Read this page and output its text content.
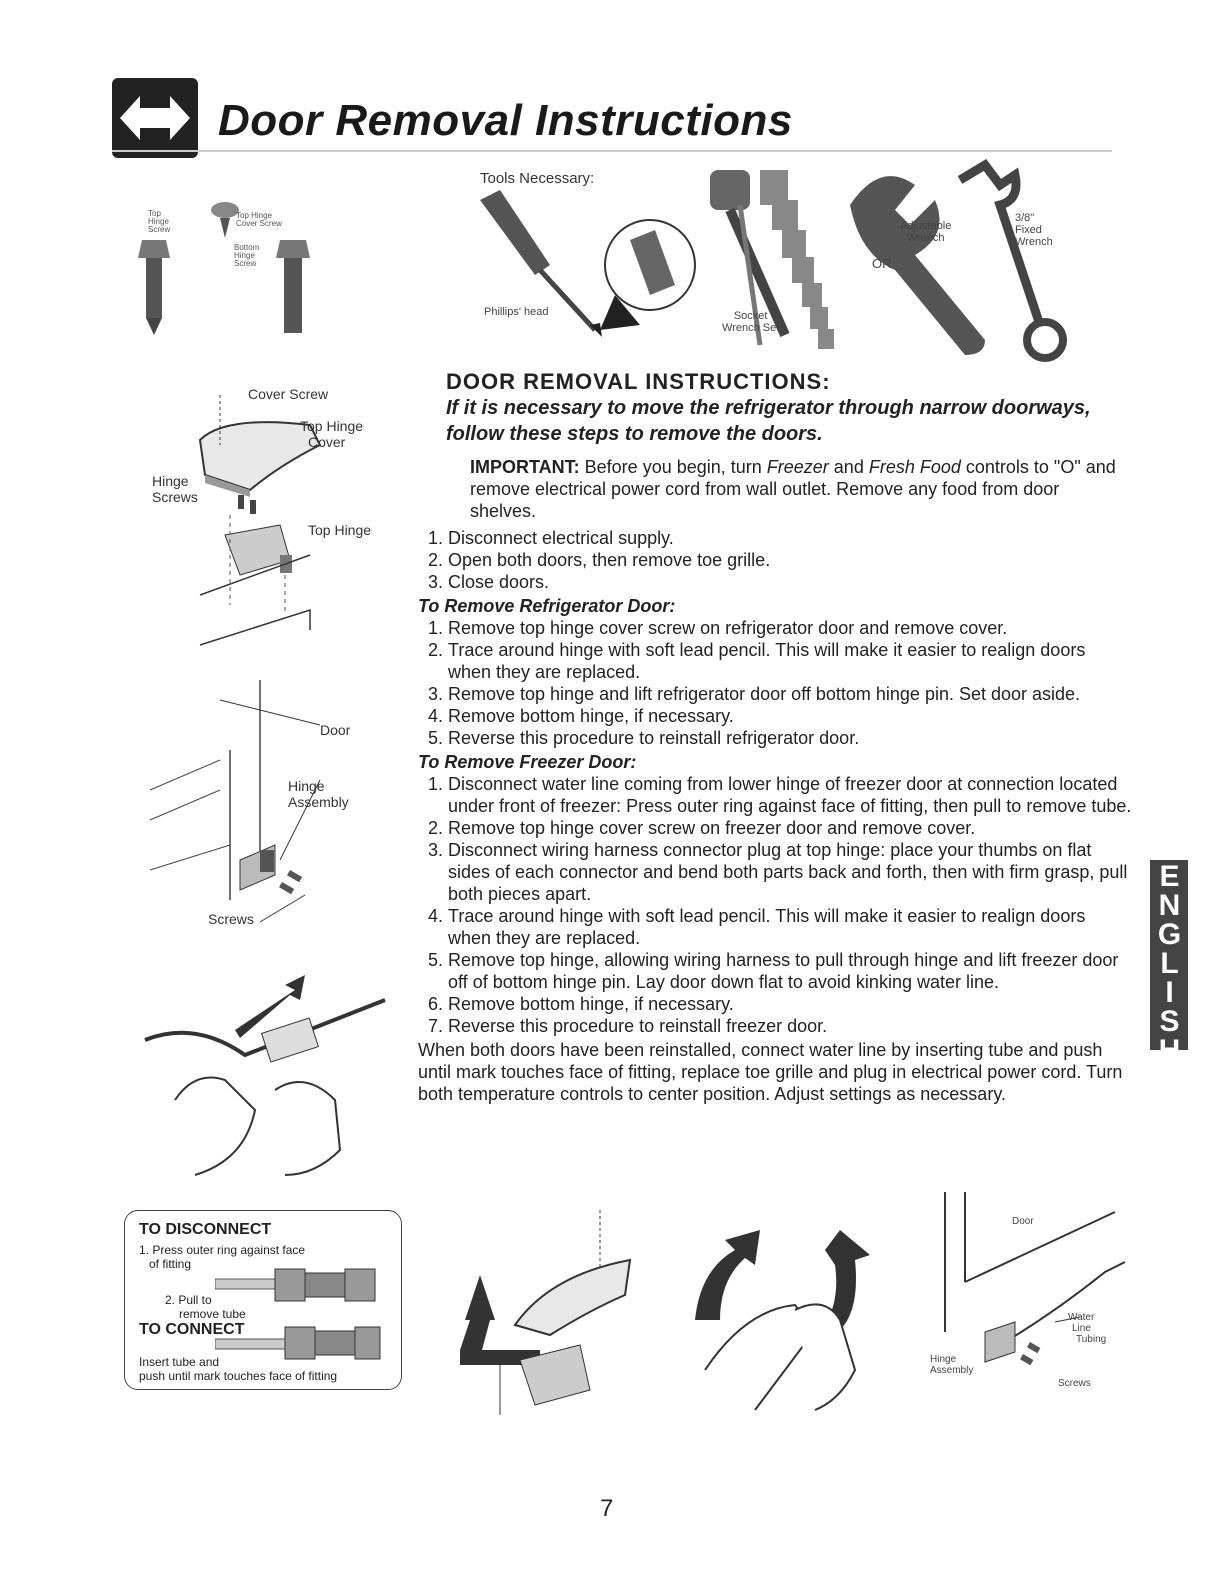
Door Removal Instructions
Tools Necessary:
Phillips' head	Socket
Wrench Set
OR
Adjustable
Wrench
3/8"
Fixed
Wrench
Top
Hinge
Screw
Top Hinge
Cover Screw
Bottom
Hinge
Screw
Cover Screw
Top Hinge
Cover
Hinge
Screws
Top Hinge
Door
Hinge
Assembly
Screws
TO DISCONNECT
1. Press outer ring against face
of fitting
2. Pull to
remove tube
TO CONNECT
Insert tube and
push until mark touches face of fitting
Door
Water
Line
Tubing
Hinge
Assembly
Screws
DOOR REMOVAL INSTRUCTIONS:
If it is necessary to move the refrigerator through narrow doorways, follow these steps to remove the doors.
IMPORTANT: Before you begin, turn Freezer and Fresh Food controls to "O" and remove electrical power cord from wall outlet. Remove any food from door shelves.
1. Disconnect electrical supply.
2. Open both doors, then remove toe grille.
3. Close doors.
To Remove Refrigerator Door:
1. Remove top hinge cover screw on refrigerator door and remove cover.
2. Trace around hinge with soft lead pencil. This will make it easier to realign doors when they are replaced.
3. Remove top hinge and lift refrigerator door off bottom hinge pin. Set door aside.
4. Remove bottom hinge, if necessary.
5. Reverse this procedure to reinstall refrigerator door.
To Remove Freezer Door:
1. Disconnect water line coming from lower hinge of freezer door at connection located under front of freezer: Press outer ring against face of fitting, then pull to remove tube.
2. Remove top hinge cover screw on freezer door and remove cover.
3. Disconnect wiring harness connector plug at top hinge: place your thumbs on flat sides of each connector and bend both parts back and forth, then with firm grasp, pull both pieces apart.
4. Trace around hinge with soft lead pencil. This will make it easier to realign doors when they are replaced.
5. Remove top hinge, allowing wiring harness to pull through hinge and lift freezer door off of bottom hinge pin. Lay door down flat to avoid kinking water line.
6. Remove bottom hinge, if necessary.
7. Reverse this procedure to reinstall freezer door.
When both doors have been reinstalled, connect water line by inserting tube and push until mark touches face of fitting, replace toe grille and plug in electrical power cord. Turn both temperature controls to center position. Adjust settings as necessary.
ENGLISH
7
